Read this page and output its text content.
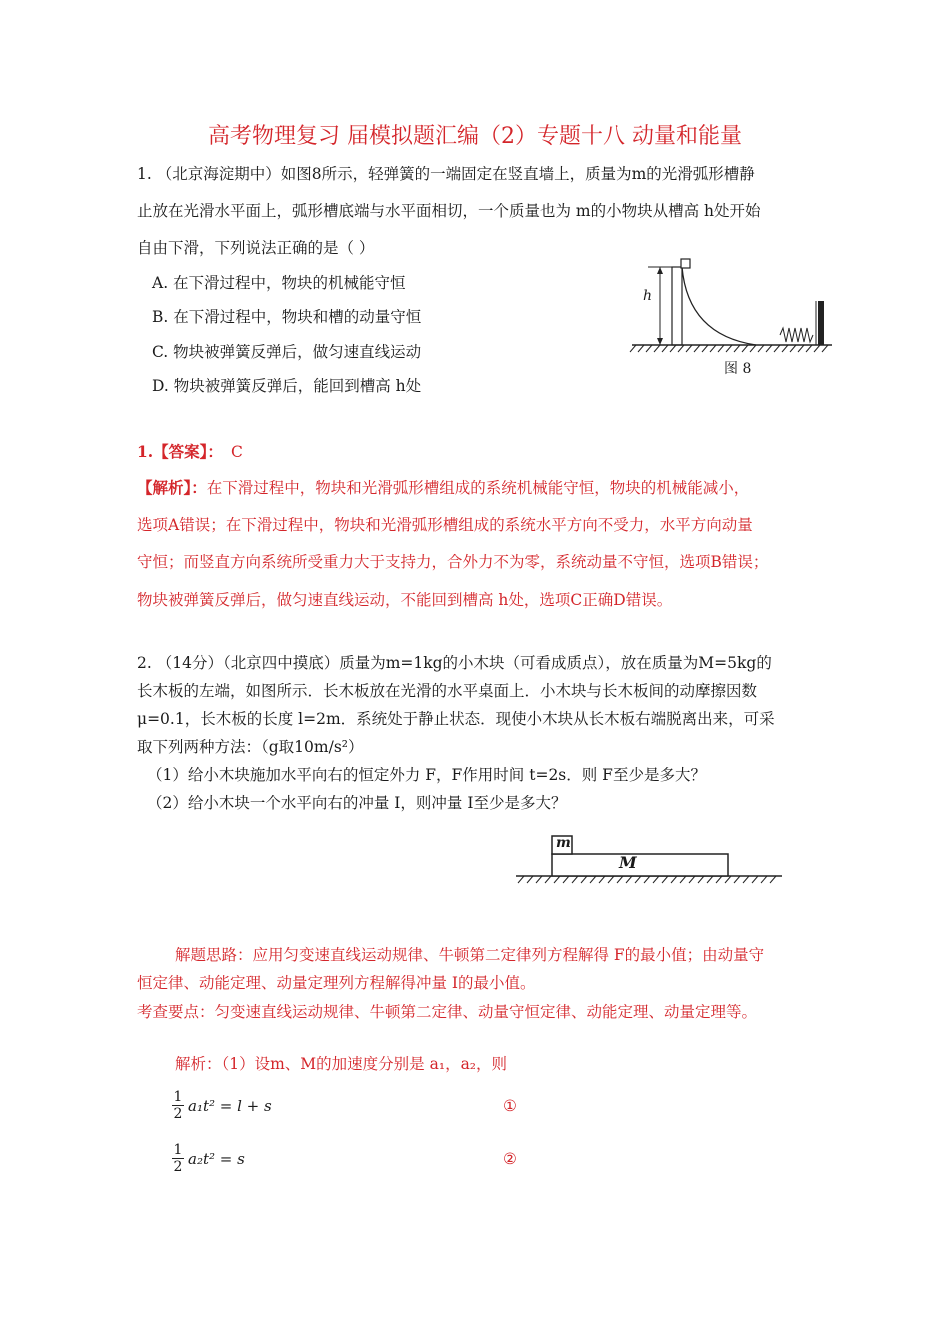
高考物理复习 届模拟题汇编（2）专题十八 动量和能量
1. （北京海淀期中）如图8所示，轻弹簧的一端固定在竖直墙上，质量为m的光滑弧形槽静
止放在光滑水平面上，弧形槽底端与水平面相切，一个质量也为 m的小物块从槽高 h处开始
自由下滑，下列说法正确的是（ ）
A. 在下滑过程中，物块的机械能守恒
B. 在下滑过程中，物块和槽的动量守恒
C. 物块被弹簧反弹后，做匀速直线运动
D. 物块被弹簧反弹后，能回到槽高 h处
h
图 8
1.【答案】： C
【解析】：在下滑过程中，物块和光滑弧形槽组成的系统机械能守恒，物块的机械能减小，
选项A错误；在下滑过程中，物块和光滑弧形槽组成的系统水平方向不受力，水平方向动量
守恒；而竖直方向系统所受重力大于支持力，合外力不为零，系统动量不守恒，选项B错误；
物块被弹簧反弹后，做匀速直线运动，不能回到槽高 h处，选项C正确D错误。
2. （14分）（北京四中摸底）质量为m=1kg的小木块（可看成质点），放在质量为M=5kg的
长木板的左端，如图所示．长木板放在光滑的水平桌面上．小木块与长木板间的动摩擦因数
μ=0.1，长木板的长度 l=2m．系统处于静止状态．现使小木块从长木板右端脱离出来，可采
取下列两种方法：（g取10m/s²）
（1）给小木块施加水平向右的恒定外力 F，F作用时间 t=2s．则 F至少是多大？
（2）给小木块一个水平向右的冲量 I，则冲量 I至少是多大？
m
M
解题思路：应用匀变速直线运动规律、牛顿第二定律列方程解得 F的最小值；由动量守
恒定律、动能定理、动量定理列方程解得冲量 I的最小值。
考查要点：匀变速直线运动规律、牛顿第二定律、动量守恒定律、动能定理、动量定理等。
解析：（1）设m、M的加速度分别是 a₁，a₂，则
1
2 a₁t² = l + s	①
1
2 a₂t² = s	②
